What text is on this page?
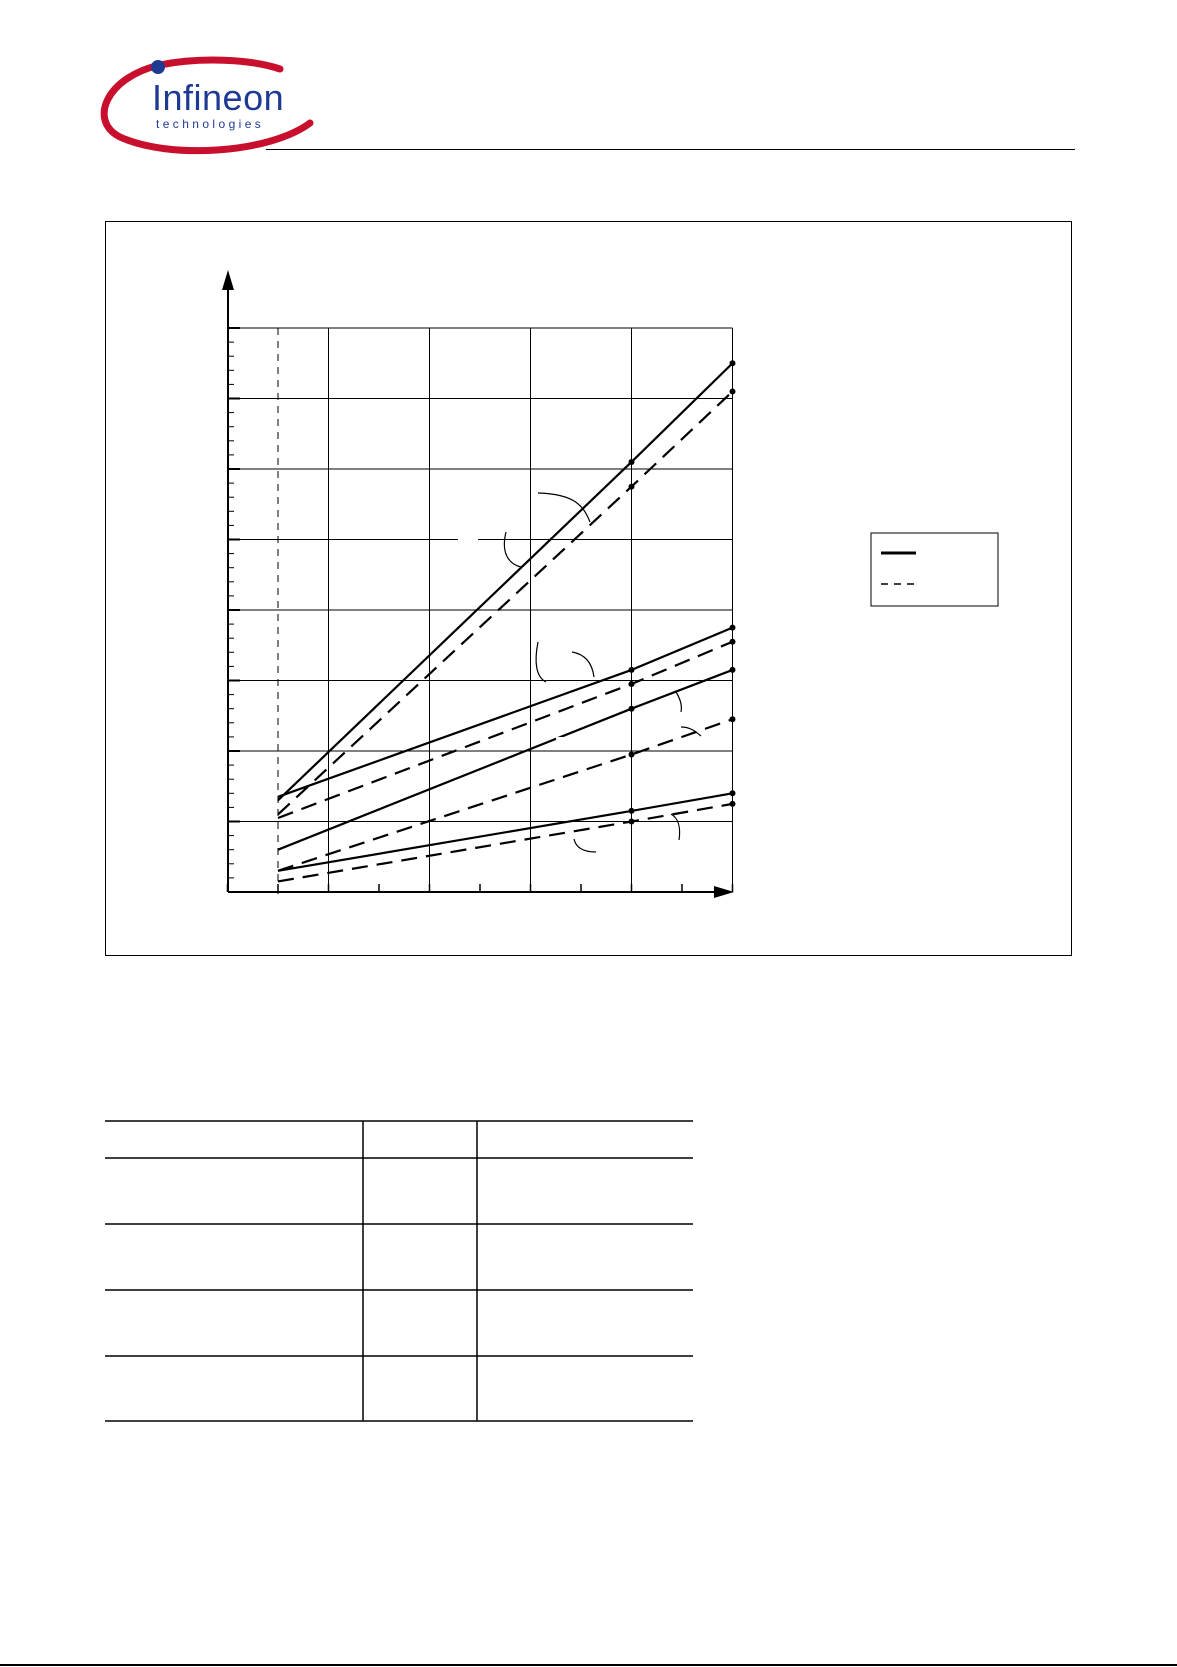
Infineon
technologies
